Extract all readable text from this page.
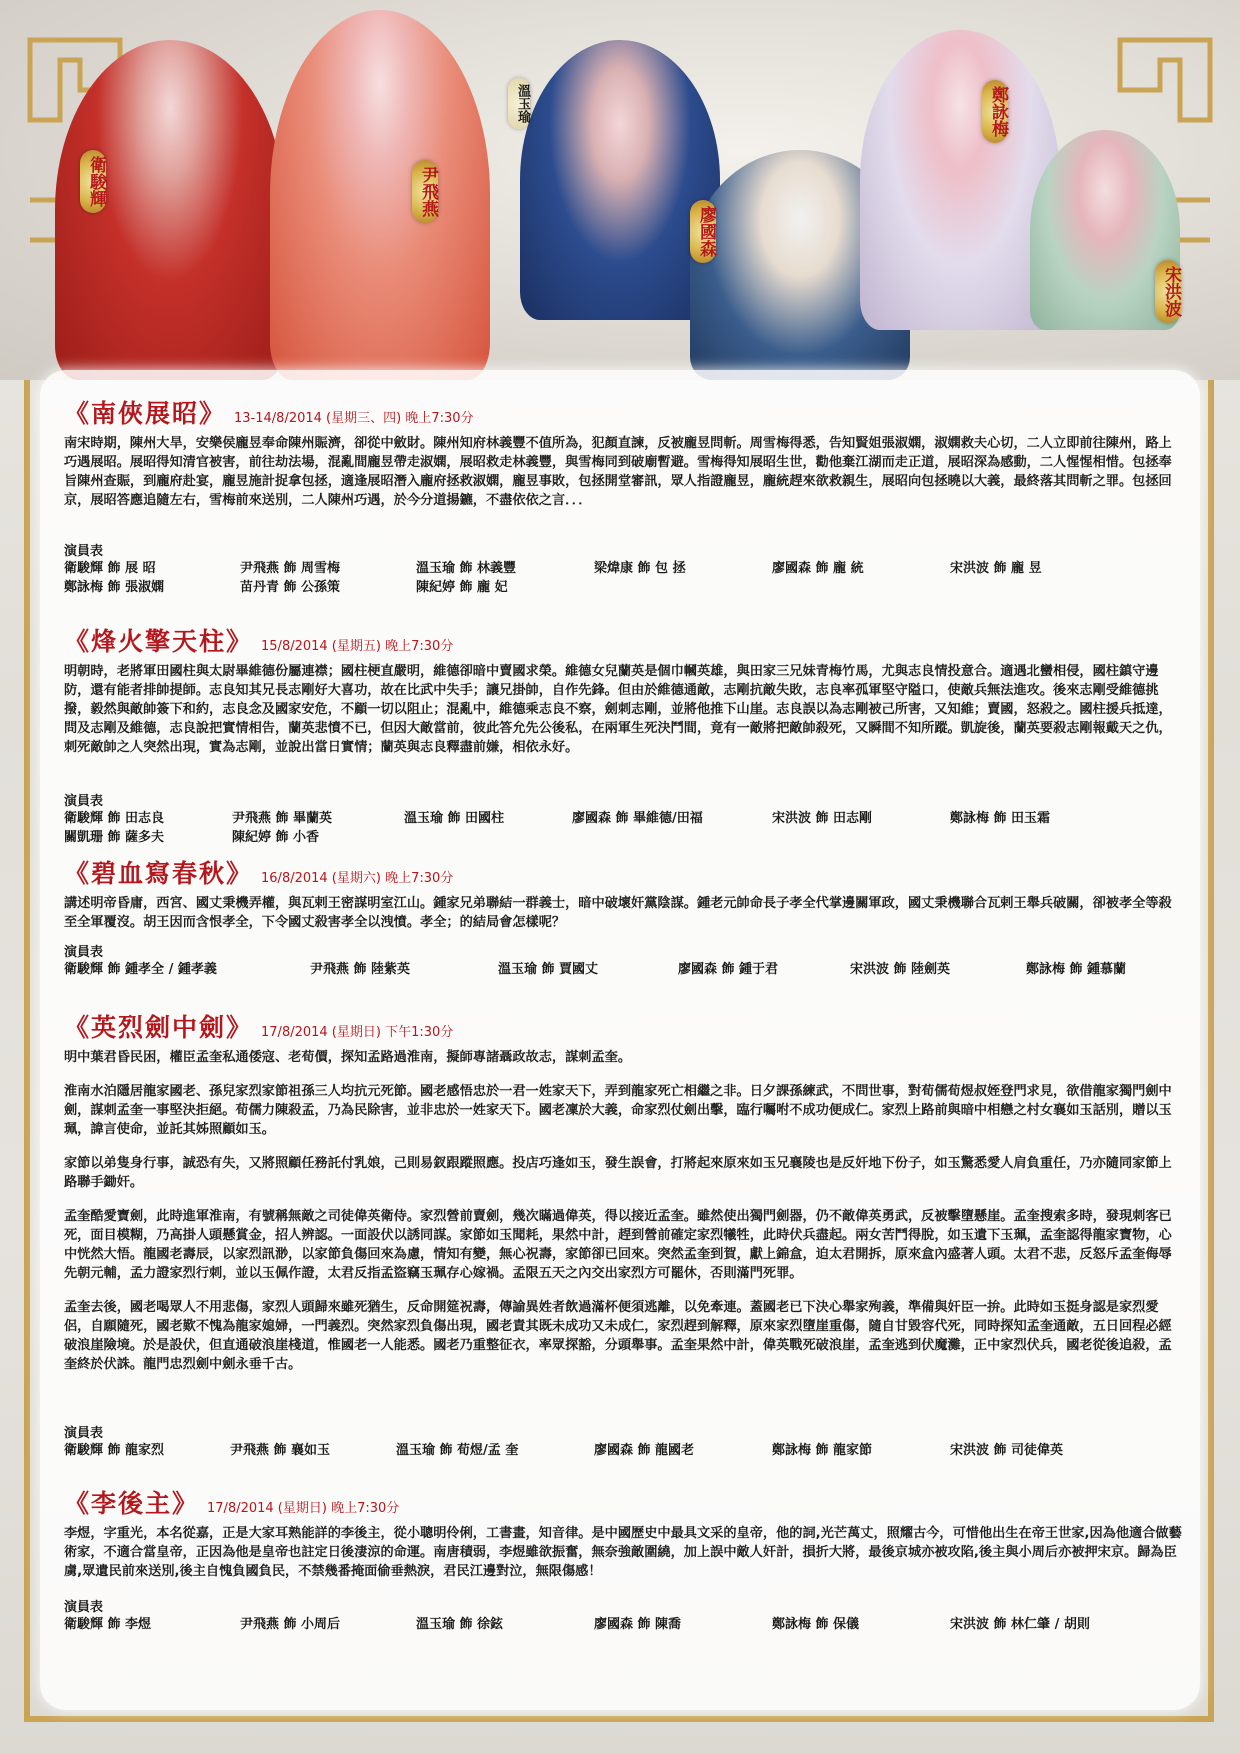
衛駿輝	尹飛燕
溫玉瑜
廖國森
鄭詠梅
宋洪波
《南俠展昭》 13-14/8/2014 (星期三、四) 晚上7:30分

南宋時期，陳州大旱，安樂侯龐昱奉命陳州賑濟，卻從中斂財。陳州知府林義豐不值所為，犯顏直諫，反被龐昱問斬。周雪梅得悉，告知賢姐張淑嫻，淑嫻救夫心切，二人立即前往陳州，路上巧遇展昭。展昭得知清官被害，前往劫法場，混亂間龐昱帶走淑嫻，展昭救走林義豐，與雪梅同到破廟暫避。雪梅得知展昭生世，勸他棄江湖而走正道，展昭深為感動，二人惺惺相惜。包拯奉旨陳州查賑，到龐府赴宴，龐昱施計捉拿包拯，適逢展昭潛入龐府拯救淑嫻，龐昱事敗，包拯開堂審訊，眾人指證龐昱，龐統趕來欲救親生，展昭向包拯曉以大義，最終落其問斬之罪。包拯回京，展昭答應追隨左右，雪梅前來送別，二人陳州巧遇，於今分道揚鑣，不盡依依之言．．．

演員表
衛駿輝 飾 展 昭	尹飛燕 飾 周雪梅	溫玉瑜 飾 林義豐	梁煒康 飾 包 拯	廖國森 飾 龐 統	宋洪波 飾 龐 昱
鄭詠梅 飾 張淑嫻	苗丹青 飾 公孫策	陳紀婷 飾 龐 妃
《烽火擎天柱》 15/8/2014 (星期五) 晚上7:30分

明朝時，老將軍田國柱與太尉畢維德份屬連襟；國柱梗直嚴明，維德卻暗中賣國求榮。維德女兒蘭英是個巾幗英雄，與田家三兄妹青梅竹馬，尤與志良情投意合。適遇北蠻相侵，國柱鎮守邊防，還有能者排帥提師。志良知其兄長志剛好大喜功，故在比武中失手；讓兄掛帥，自作先鋒。但由於維德通敵，志剛抗敵失敗，志良率孤軍堅守隘口，使敵兵無法進攻。後來志剛受維德挑撥，毅然與敵帥簽下和約，志良念及國家安危，不顧一切以阻止；混亂中，維德乘志良不察，劍刺志剛，並將他推下山崖。志良誤以為志剛被己所害，又知維；賣國，怒殺之。國柱援兵抵達，問及志剛及維德，志良說把實情相告，蘭英悲憤不已，但因大敵當前，彼此答允先公後私，在兩軍生死決鬥間，竟有一敵將把敵帥殺死，又瞬間不知所蹤。凱旋後，蘭英要殺志剛報戴天之仇，刺死敵帥之人突然出現，實為志剛，並說出當日實情；蘭英與志良釋盡前嫌，相依永好。

演員表
衛駿輝 飾 田志良	尹飛燕 飾 畢蘭英	溫玉瑜 飾 田國柱	廖國森 飾 畢維德/田福	宋洪波 飾 田志剛	鄭詠梅 飾 田玉霜
關凱珊 飾 薩多夫	陳紀婷 飾 小香
《碧血寫春秋》 16/8/2014 (星期六) 晚上7:30分

講述明帝昏庸，西宮、國丈秉機弄權，與瓦剌王密謀明室江山。鍾家兄弟聯結一群義士，暗中破壞奸黨陰謀。鍾老元帥命長子孝全代掌邊關軍政，國丈秉機聯合瓦剌王舉兵破關，卻被孝全等殺至全軍覆沒。胡王因而含恨孝全，下令國丈殺害孝全以洩憤。孝全；的結局會怎樣呢？

演員表
衛駿輝 飾 鍾孝全 / 鍾孝義	尹飛燕 飾 陸紫英	溫玉瑜 飾 賈國丈	廖國森 飾 鍾于君	宋洪波 飾 陸劍英	鄭詠梅 飾 鍾慕蘭
《英烈劍中劍》 17/8/2014 (星期日) 下午1:30分

明中葉君昏民困，權臣孟奎私通倭寇、老荀價，探知孟路過淮南，擬師專諸聶政故志，謀刺孟奎。

淮南水泊隱居龍家國老、孫兒家烈家節祖孫三人均抗元死節。國老感悟忠於一君一姓家天下，弄到龍家死亡相繼之非。日夕課孫練武，不問世事，對荀儒荀煜叔姪登門求見，欲借龍家獨門劍中劍，謀刺孟奎一事堅決拒絕。荀儒力陳殺孟，乃為民除害，並非忠於一姓家天下。國老凜於大義，命家烈仗劍出擊，臨行囑咐不成功便成仁。家烈上路前與暗中相戀之村女襄如玉話別，贈以玉珮，諱言使命，並託其姊照顧如玉。

家節以弟隻身行事，誠恐有失，又將照顧任務託付乳娘，己則易釵跟蹤照應。投店巧逢如玉，發生誤會，打將起來原來如玉兄襄陵也是反奸地下份子，如玉驚悉愛人肩負重任，乃亦隨同家節上路聯手鋤奸。

孟奎酷愛寶劍，此時進軍淮南，有號稱無敵之司徒偉英衛侍。家烈營前賣劍，幾次瞞過偉英，得以接近孟奎。雖然使出獨門劍器，仍不敵偉英勇武，反被擊墮懸崖。孟奎搜索多時，發現刺客已死，面目模糊，乃高掛人頭懸賞金，招人辨認。一面設伏以誘同謀。家節如玉聞耗，果然中計，趕到營前確定家烈犧牲，此時伏兵盡起。兩女苦鬥得脫，如玉遺下玉珮，孟奎認得龍家寶物，心中恍然大悟。龍國老壽辰，以家烈訊渺，以家節負傷回來為慮，情知有變，無心祝壽，家節卻已回來。突然孟奎到賀，獻上錦盒，迫太君開拆，原來盒內盛著人頭。太君不悲，反怒斥孟奎侮辱先朝元輔，孟力證家烈行刺，並以玉佩作證，太君反指孟盜竊玉珮存心嫁禍。孟限五天之內交出家烈方可罷休，否則滿門死罪。

孟奎去後，國老喝眾人不用悲傷，家烈人頭歸來雖死猶生，反命開筵祝壽，傳諭異姓者飲過滿杯便須逃離，以免牽連。蓋國老已下決心舉家殉義，準備與奸臣一拚。此時如玉挺身認是家烈愛侶，自願隨死，國老歎不愧為龍家媳婦，一門義烈。突然家烈負傷出現，國老責其既未成功又未成仁，家烈趕到解釋，原來家烈墮崖重傷，隨自甘毀容代死，同時探知孟奎通敵，五日回程必經破浪崖險境。於是設伏，但直通破浪崖棧道，惟國老一人能悉。國老乃重整征衣，率眾探豁，分頭舉事。孟奎果然中計，偉英戰死破浪崖，孟奎逃到伏魔灘，正中家烈伏兵，國老從後追殺，孟奎終於伏誅。龍門忠烈劍中劍永垂千古。

演員表
衛駿輝 飾 龍家烈	尹飛燕 飾 襄如玉	溫玉瑜 飾 荀煜/孟 奎	廖國森 飾 龍國老	鄭詠梅 飾 龍家節	宋洪波 飾 司徒偉英
《李後主》 17/8/2014 (星期日) 晚上7:30分

李煜，字重光，本名從嘉，正是大家耳熟能詳的李後主，從小聰明伶俐，工書畫，知音律。是中國歷史中最具文采的皇帝，他的詞,光芒萬丈，照耀古今，可惜他出生在帝王世家,因為他適合做藝術家，不適合當皇帝，正因為他是皇帝也註定日後淒涼的命運。南唐積弱，李煜雖欲振奮，無奈強敵圍繞，加上誤中敵人奸計，損折大將，最後京城亦被攻陷,後主與小周后亦被押宋京。歸為臣虜,眾遺民前來送別,後主自愧負國負民，不禁幾番掩面偷垂熱淚，君民江邊對泣，無限傷感！

演員表
衛駿輝 飾 李煜	尹飛燕 飾 小周后	溫玉瑜 飾 徐鉉	廖國森 飾 陳喬	鄭詠梅 飾 保儀	宋洪波 飾 林仁肇 / 胡則
